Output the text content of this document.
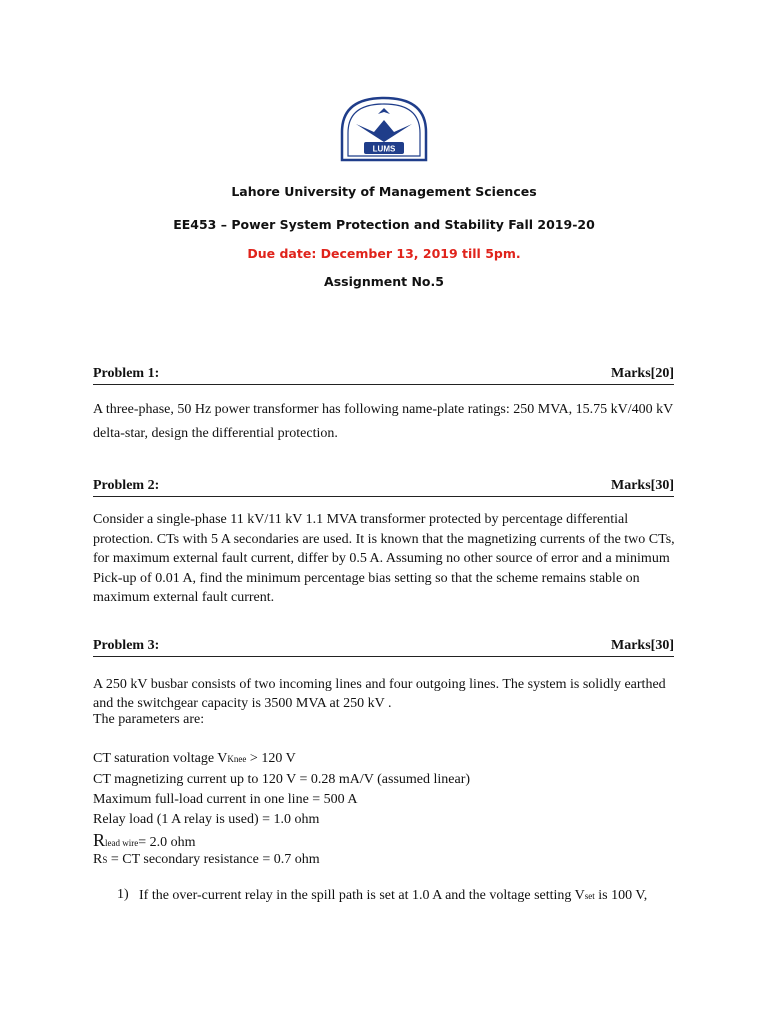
LUMS
Lahore University of Management Sciences
EE453 – Power System Protection and Stability Fall 2019-20
Due date: December 13, 2019 till 5pm.
Assignment No.5
Problem 1:	Marks[20]
A three-phase, 50 Hz power transformer has following name-plate ratings: 250 MVA, 15.75 kV/400 kV delta-star, design the differential protection.
Problem 2:	Marks[30]
Consider a single-phase 11 kV/11 kV 1.1 MVA transformer protected by percentage differential protection. CTs with 5 A secondaries are used. It is known that the magnetizing currents of the two CTs, for maximum external fault current, differ by 0.5 A. Assuming no other source of error and a minimum Pick-up of 0.01 A, find the minimum percentage bias setting so that the scheme remains stable on maximum external fault current.
Problem 3:	Marks[30]
A 250 kV busbar consists of two incoming lines and four outgoing lines. The system is solidly earthed and the switchgear capacity is 3500 MVA at 250 kV .
The parameters are:
CT saturation voltage VKnee > 120 V
CT magnetizing current up to 120 V = 0.28 mA/V (assumed linear)
Maximum full-load current in one line = 500 A
Relay load (1 A relay is used) = 1.0 ohm
Rlead wire= 2.0 ohm
RS = CT secondary resistance = 0.7 ohm
1) If the over-current relay in the spill path is set at 1.0 A and the voltage setting Vset is 100 V,
